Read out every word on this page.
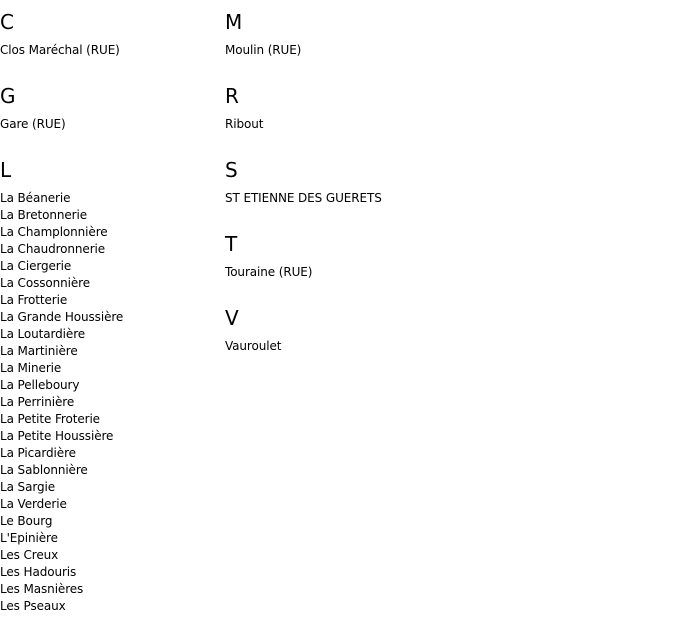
C
Clos Maréchal (RUE)
G
Gare (RUE)
L
La Béanerie
La Bretonnerie
La Champlonnière
La Chaudronnerie
La Ciergerie
La Cossonnière
La Frotterie
La Grande Houssière
La Loutardière
La Martinière
La Minerie
La Pelleboury
La Perrinière
La Petite Froterie
La Petite Houssière
La Picardière
La Sablonnière
La Sargie
La Verderie
Le Bourg
L'Epinière
Les Creux
Les Hadouris
Les Masnières
Les Pseaux
M
Moulin (RUE)
R
Ribout
S
ST ETIENNE DES GUERETS
T
Touraine (RUE)
V
Vauroulet
